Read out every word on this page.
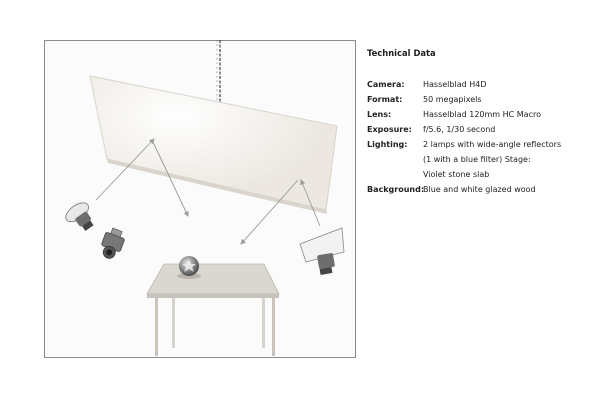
Technical Data
Camera:	Hasselblad H4D
Format:	50 megapixels
Lens:	Hasselblad 120mm HC Macro
Exposure:	f/5.6, 1/30 second
Lighting:	2 lamps with wide-angle reflectors
(1 with a blue filter) Stage:
Violet stone slab
Background:
Blue and white glazed wood
